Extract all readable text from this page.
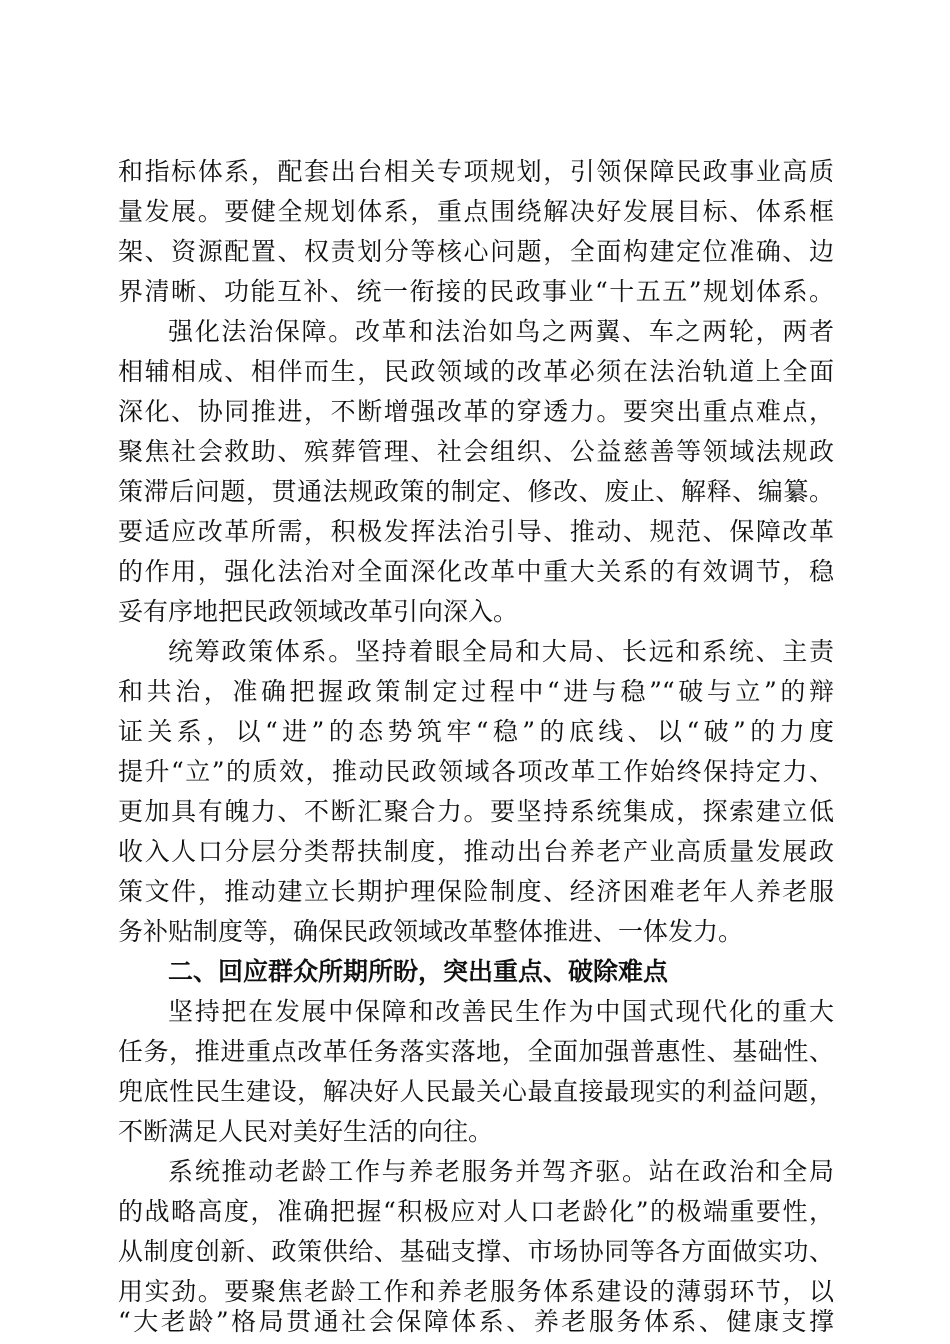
和指标体系，配套出台相关专项规划，引领保障民政事业高质
量发展。要健全规划体系，重点围绕解决好发展目标、体系框
架、资源配置、权责划分等核心问题，全面构建定位准确、边
界清晰、功能互补、统一衔接的民政事业“十五五”规划体系。
强化法治保障。改革和法治如鸟之两翼、车之两轮，两者
相辅相成、相伴而生，民政领域的改革必须在法治轨道上全面
深化、协同推进，不断增强改革的穿透力。要突出重点难点，
聚焦社会救助、殡葬管理、社会组织、公益慈善等领域法规政
策滞后问题，贯通法规政策的制定、修改、废止、解释、编纂。
要适应改革所需，积极发挥法治引导、推动、规范、保障改革
的作用，强化法治对全面深化改革中重大关系的有效调节，稳
妥有序地把民政领域改革引向深入。
统筹政策体系。坚持着眼全局和大局、长远和系统、主责
和共治，准确把握政策制定过程中“进与稳”“破与立”的辩
证关系，以“进”的态势筑牢“稳”的底线、以“破”的力度
提升“立”的质效，推动民政领域各项改革工作始终保持定力、
更加具有魄力、不断汇聚合力。要坚持系统集成，探索建立低
收入人口分层分类帮扶制度，推动出台养老产业高质量发展政
策文件，推动建立长期护理保险制度、经济困难老年人养老服
务补贴制度等，确保民政领域改革整体推进、一体发力。
二、回应群众所期所盼，突出重点、破除难点
坚持把在发展中保障和改善民生作为中国式现代化的重大
任务，推进重点改革任务落实落地，全面加强普惠性、基础性、
兜底性民生建设，解决好人民最关心最直接最现实的利益问题，
不断满足人民对美好生活的向往。
系统推动老龄工作与养老服务并驾齐驱。站在政治和全局
的战略高度，准确把握“积极应对人口老龄化”的极端重要性，
从制度创新、政策供给、基础支撑、市场协同等各方面做实功、
用实劲。要聚焦老龄工作和养老服务体系建设的薄弱环节，以
“大老龄”格局贯通社会保障体系、养老服务体系、健康支撑
